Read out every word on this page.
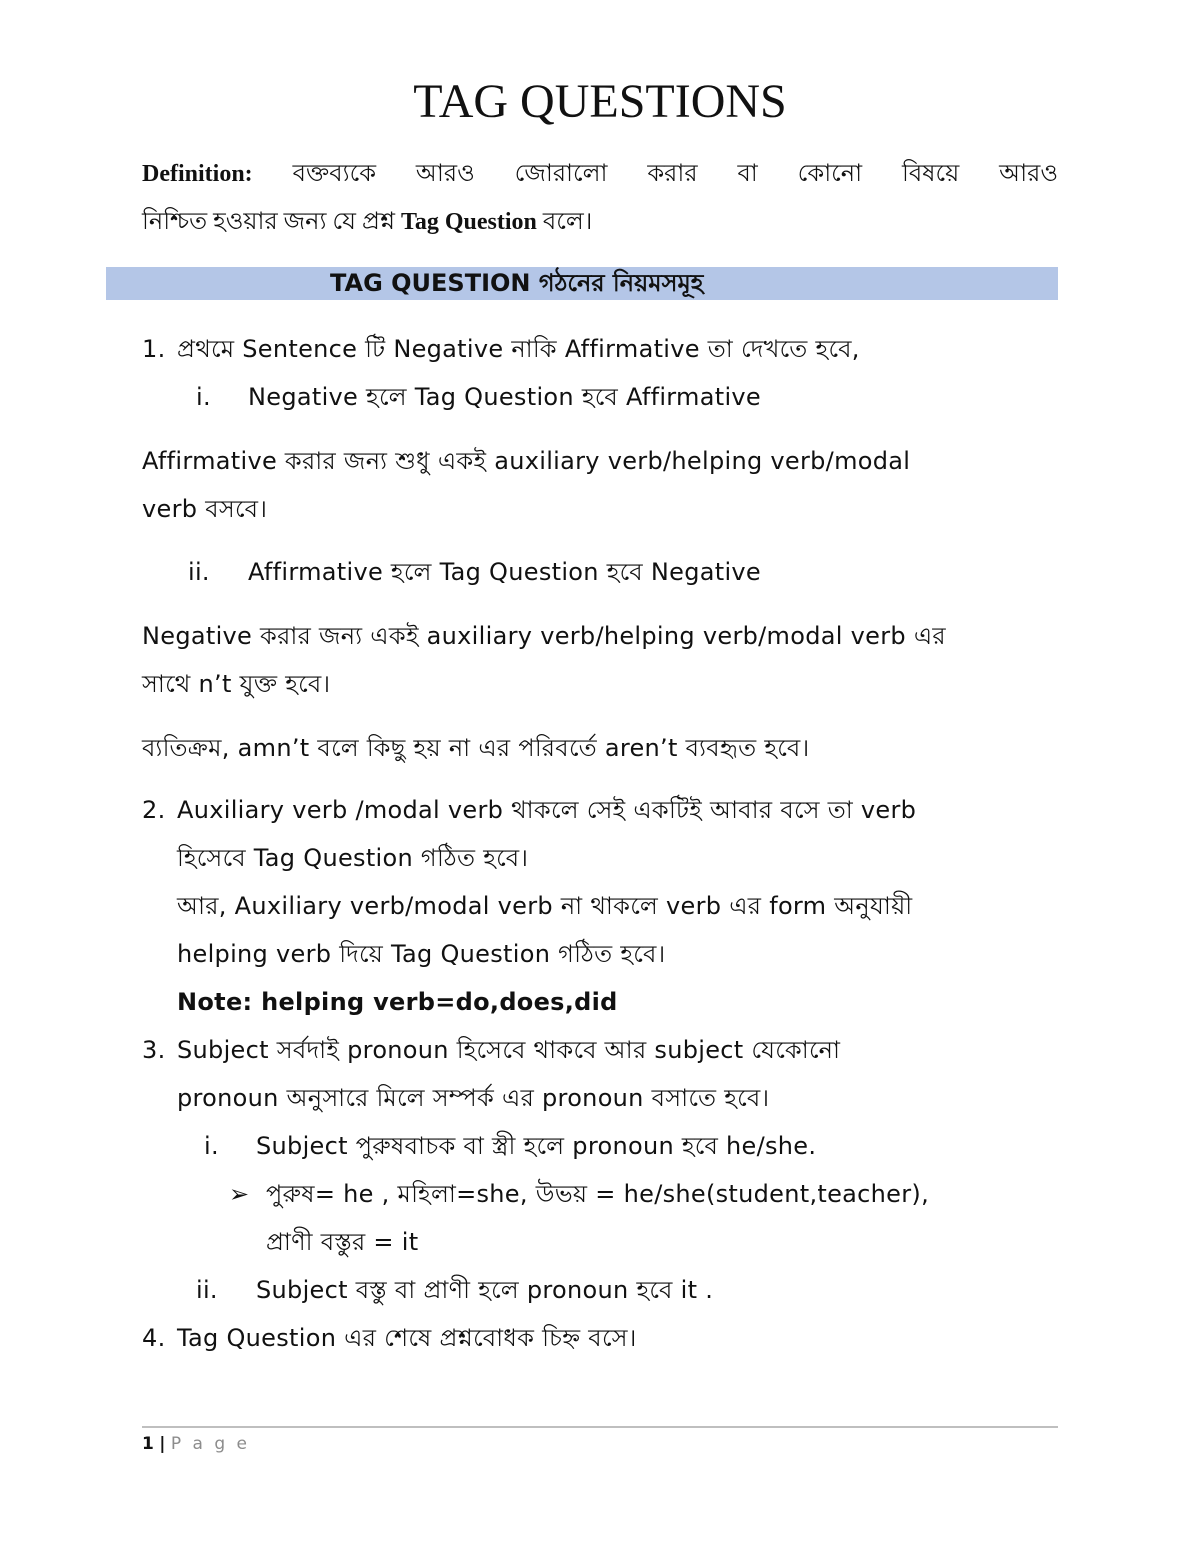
TAG QUESTIONS
Definition: বক্তব্যকে আরও জোরালো করার বা কোনো বিষয়ে আরও
নিশ্চিত হওয়ার জন্য যে প্রশ্ন Tag Question বলে।
TAG QUESTION গঠনের নিয়মসমূহ
1. প্রথমে Sentence টি Negative নাকি Affirmative তা দেখতে হবে,
i. Negative হলে Tag Question হবে Affirmative
Affirmative করার জন্য শুধু একই auxiliary verb/helping verb/modal
verb বসবে।
ii. Affirmative হলে Tag Question হবে Negative
Negative করার জন্য একই auxiliary verb/helping verb/modal verb এর
সাথে n’t যুক্ত হবে।
ব্যতিক্রম, amn’t বলে কিছু হয় না এর পরিবর্তে aren’t ব্যবহৃত হবে।
2. Auxiliary verb /modal verb থাকলে সেই একটিই আবার বসে তা verb
হিসেবে Tag Question গঠিত হবে।
আর, Auxiliary verb/modal verb না থাকলে verb এর form অনুযায়ী
helping verb দিয়ে Tag Question গঠিত হবে।
Note: helping verb=do,does,did
3. Subject সর্বদাই pronoun হিসেবে থাকবে আর subject যেকোনো
pronoun অনুসারে মিলে সম্পর্ক এর pronoun বসাতে হবে।
i. Subject পুরুষবাচক বা স্ত্রী হলে pronoun হবে he/she.
➢ পুরুষ= he , মহিলা=she, উভয় = he/she(student,teacher),
প্রাণী বস্তুর = it
ii. Subject বস্তু বা প্রাণী হলে pronoun হবে it .
4. Tag Question এর শেষে প্রশ্নবোধক চিহ্ন বসে।
1 | P a g e
